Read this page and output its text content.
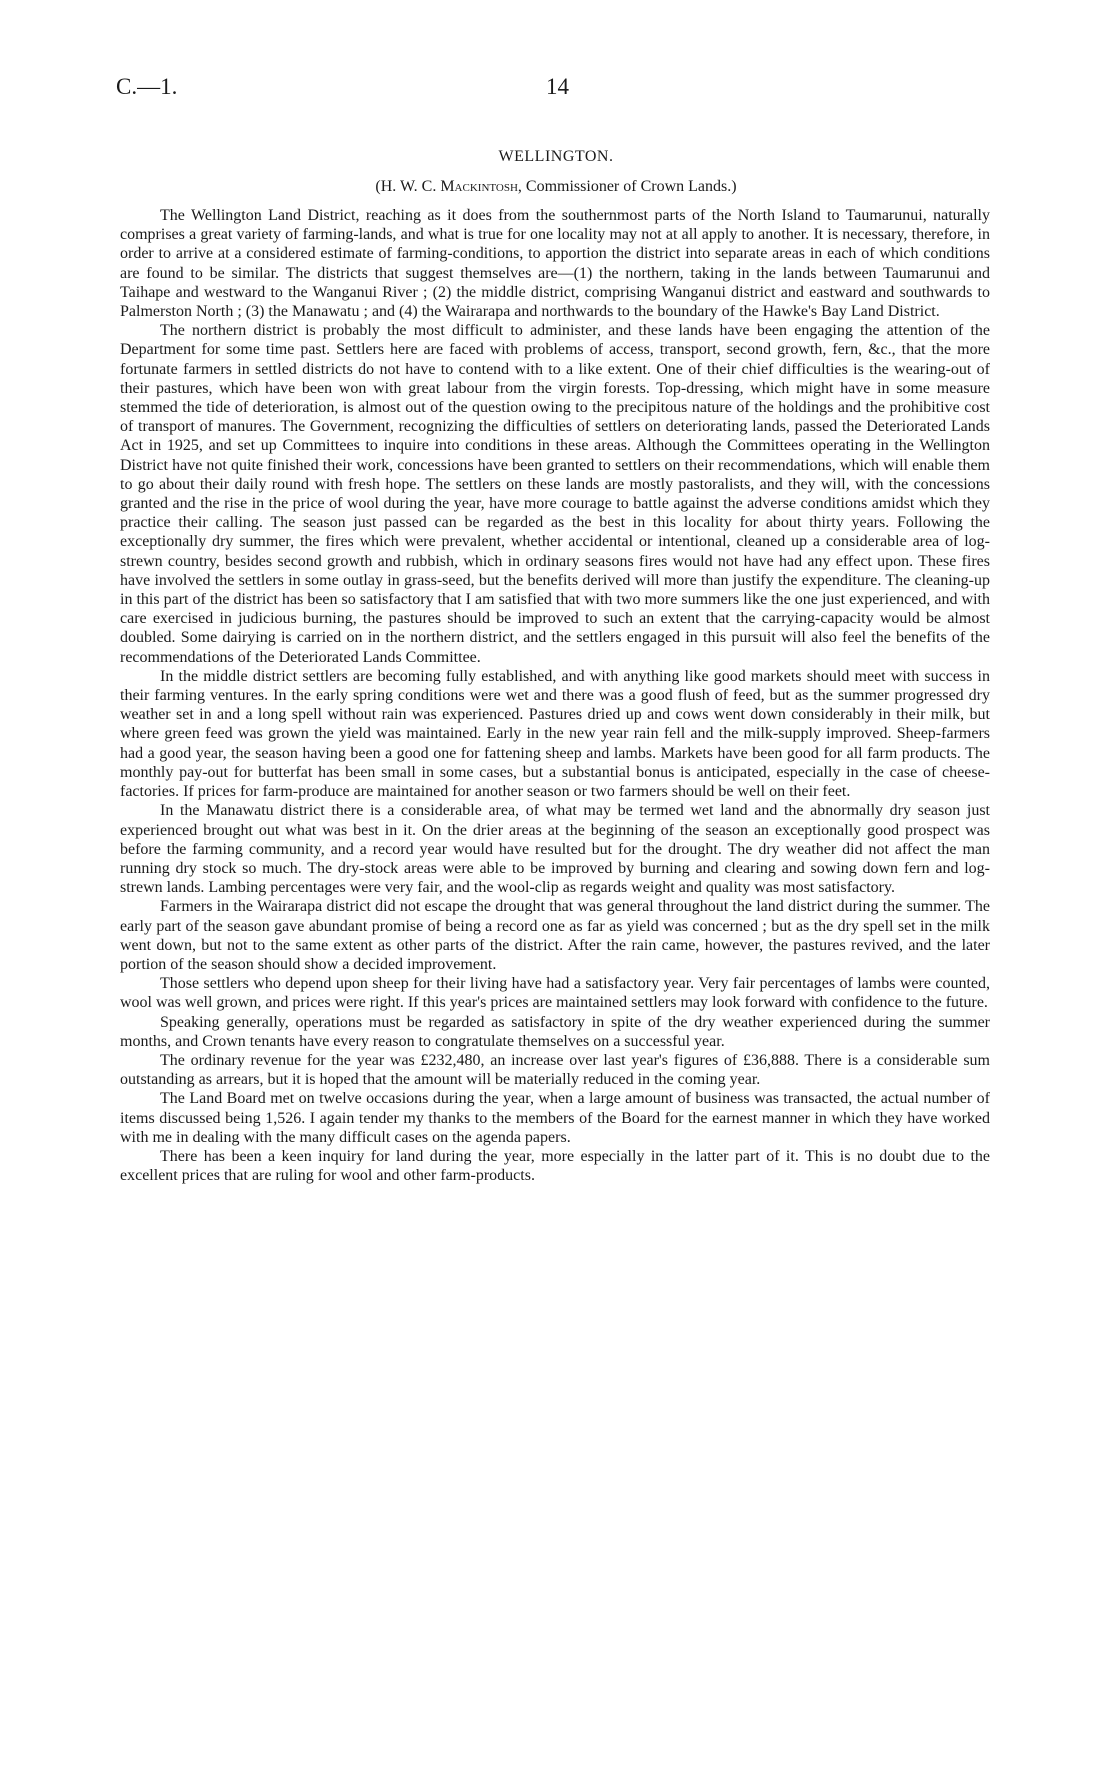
C.—1.	14
WELLINGTON.
(H. W. C. Mackintosh, Commissioner of Crown Lands.)

The Wellington Land District, reaching as it does from the southernmost parts of the North Island to Taumarunui, naturally comprises a great variety of farming-lands, and what is true for one locality may not at all apply to another. It is necessary, therefore, in order to arrive at a considered estimate of farming-conditions, to apportion the district into separate areas in each of which conditions are found to be similar. The districts that suggest themselves are—(1) the northern, taking in the lands between Taumarunui and Taihape and westward to the Wanganui River ; (2) the middle district, comprising Wanganui district and eastward and southwards to Palmerston North ; (3) the Manawatu ; and (4) the Wairarapa and northwards to the boundary of the Hawke's Bay Land District.

The northern district is probably the most difficult to administer, and these lands have been engaging the attention of the Department for some time past. Settlers here are faced with problems of access, transport, second growth, fern, &c., that the more fortunate farmers in settled districts do not have to contend with to a like extent. One of their chief difficulties is the wearing-out of their pastures, which have been won with great labour from the virgin forests. Top-dressing, which might have in some measure stemmed the tide of deterioration, is almost out of the question owing to the precipitous nature of the holdings and the prohibitive cost of transport of manures. The Government, recognizing the difficulties of settlers on deteriorating lands, passed the Deteriorated Lands Act in 1925, and set up Committees to inquire into conditions in these areas. Although the Committees operating in the Wellington District have not quite finished their work, concessions have been granted to settlers on their recommendations, which will enable them to go about their daily round with fresh hope. The settlers on these lands are mostly pastoralists, and they will, with the concessions granted and the rise in the price of wool during the year, have more courage to battle against the adverse conditions amidst which they practice their calling. The season just passed can be regarded as the best in this locality for about thirty years. Following the exceptionally dry summer, the fires which were prevalent, whether accidental or intentional, cleaned up a considerable area of log-strewn country, besides second growth and rubbish, which in ordinary seasons fires would not have had any effect upon. These fires have involved the settlers in some outlay in grass-seed, but the benefits derived will more than justify the expenditure. The cleaning-up in this part of the district has been so satisfactory that I am satisfied that with two more summers like the one just experienced, and with care exercised in judicious burning, the pastures should be improved to such an extent that the carrying-capacity would be almost doubled. Some dairying is carried on in the northern district, and the settlers engaged in this pursuit will also feel the benefits of the recommendations of the Deteriorated Lands Committee.

In the middle district settlers are becoming fully established, and with anything like good markets should meet with success in their farming ventures. In the early spring conditions were wet and there was a good flush of feed, but as the summer progressed dry weather set in and a long spell without rain was experienced. Pastures dried up and cows went down considerably in their milk, but where green feed was grown the yield was maintained. Early in the new year rain fell and the milk-supply improved. Sheep-farmers had a good year, the season having been a good one for fattening sheep and lambs. Markets have been good for all farm products. The monthly pay-out for butterfat has been small in some cases, but a substantial bonus is anticipated, especially in the case of cheese-factories. If prices for farm-produce are maintained for another season or two farmers should be well on their feet.

In the Manawatu district there is a considerable area, of what may be termed wet land and the abnormally dry season just experienced brought out what was best in it. On the drier areas at the beginning of the season an exceptionally good prospect was before the farming community, and a record year would have resulted but for the drought. The dry weather did not affect the man running dry stock so much. The dry-stock areas were able to be improved by burning and clearing and sowing down fern and log-strewn lands. Lambing percentages were very fair, and the wool-clip as regards weight and quality was most satisfactory.

Farmers in the Wairarapa district did not escape the drought that was general throughout the land district during the summer. The early part of the season gave abundant promise of being a record one as far as yield was concerned ; but as the dry spell set in the milk went down, but not to the same extent as other parts of the district. After the rain came, however, the pastures revived, and the later portion of the season should show a decided improvement.

Those settlers who depend upon sheep for their living have had a satisfactory year. Very fair percentages of lambs were counted, wool was well grown, and prices were right. If this year's prices are maintained settlers may look forward with confidence to the future.

Speaking generally, operations must be regarded as satisfactory in spite of the dry weather experienced during the summer months, and Crown tenants have every reason to congratulate themselves on a successful year.

The ordinary revenue for the year was £232,480, an increase over last year's figures of £36,888. There is a considerable sum outstanding as arrears, but it is hoped that the amount will be materially reduced in the coming year.

The Land Board met on twelve occasions during the year, when a large amount of business was transacted, the actual number of items discussed being 1,526. I again tender my thanks to the members of the Board for the earnest manner in which they have worked with me in dealing with the many difficult cases on the agenda papers.

There has been a keen inquiry for land during the year, more especially in the latter part of it. This is no doubt due to the excellent prices that are ruling for wool and other farm-products.
